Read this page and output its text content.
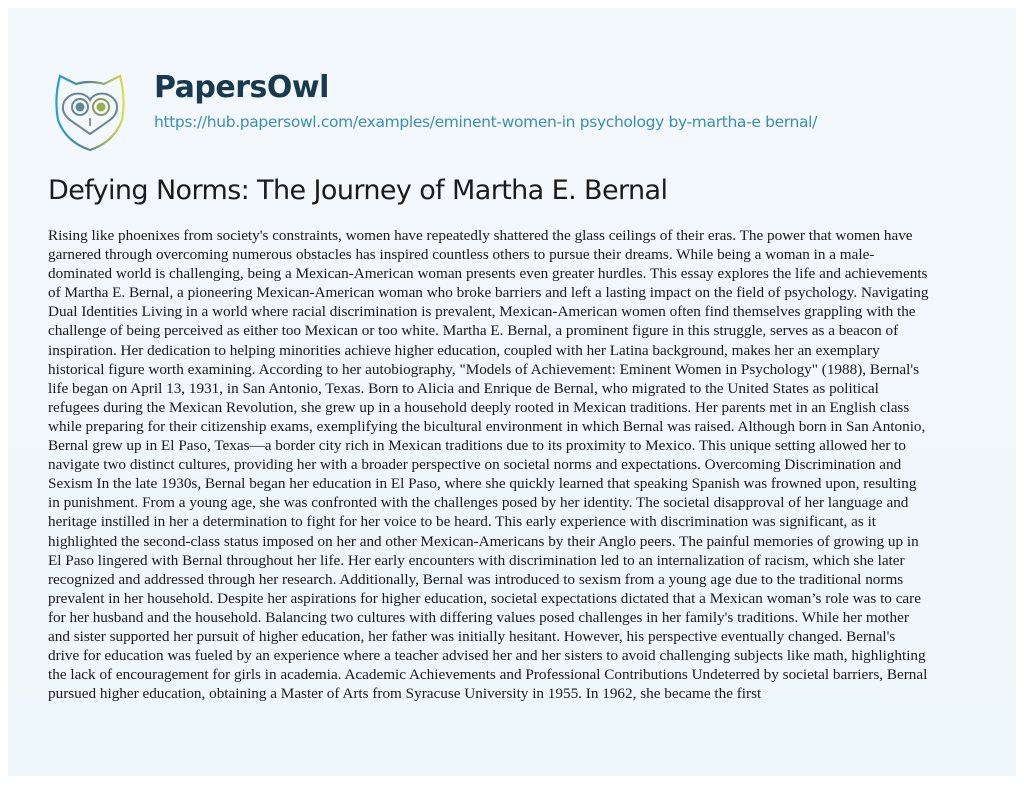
PapersOwl
https://hub.papersowl.com/examples/eminent-women-in psychology by-martha-e bernal/
Defying Norms: The Journey of Martha E. Bernal
Rising like phoenixes from society's constraints, women have repeatedly shattered the glass ceilings of their eras. The power that women have
garnered through overcoming numerous obstacles has inspired countless others to pursue their dreams. While being a woman in a male-
dominated world is challenging, being a Mexican-American woman presents even greater hurdles. This essay explores the life and achievements
of Martha E. Bernal, a pioneering Mexican-American woman who broke barriers and left a lasting impact on the field of psychology. Navigating
Dual Identities Living in a world where racial discrimination is prevalent, Mexican-American women often find themselves grappling with the
challenge of being perceived as either too Mexican or too white. Martha E. Bernal, a prominent figure in this struggle, serves as a beacon of
inspiration. Her dedication to helping minorities achieve higher education, coupled with her Latina background, makes her an exemplary
historical figure worth examining. According to her autobiography, "Models of Achievement: Eminent Women in Psychology" (1988), Bernal's
life began on April 13, 1931, in San Antonio, Texas. Born to Alicia and Enrique de Bernal, who migrated to the United States as political
refugees during the Mexican Revolution, she grew up in a household deeply rooted in Mexican traditions. Her parents met in an English class
while preparing for their citizenship exams, exemplifying the bicultural environment in which Bernal was raised. Although born in San Antonio,
Bernal grew up in El Paso, Texas—a border city rich in Mexican traditions due to its proximity to Mexico. This unique setting allowed her to
navigate two distinct cultures, providing her with a broader perspective on societal norms and expectations. Overcoming Discrimination and
Sexism In the late 1930s, Bernal began her education in El Paso, where she quickly learned that speaking Spanish was frowned upon, resulting
in punishment. From a young age, she was confronted with the challenges posed by her identity. The societal disapproval of her language and
heritage instilled in her a determination to fight for her voice to be heard. This early experience with discrimination was significant, as it
highlighted the second-class status imposed on her and other Mexican-Americans by their Anglo peers. The painful memories of growing up in
El Paso lingered with Bernal throughout her life. Her early encounters with discrimination led to an internalization of racism, which she later
recognized and addressed through her research. Additionally, Bernal was introduced to sexism from a young age due to the traditional norms
prevalent in her household. Despite her aspirations for higher education, societal expectations dictated that a Mexican woman’s role was to care
for her husband and the household. Balancing two cultures with differing values posed challenges in her family's traditions. While her mother
and sister supported her pursuit of higher education, her father was initially hesitant. However, his perspective eventually changed. Bernal's
drive for education was fueled by an experience where a teacher advised her and her sisters to avoid challenging subjects like math, highlighting
the lack of encouragement for girls in academia. Academic Achievements and Professional Contributions Undeterred by societal barriers, Bernal
pursued higher education, obtaining a Master of Arts from Syracuse University in 1955. In 1962, she became the first
